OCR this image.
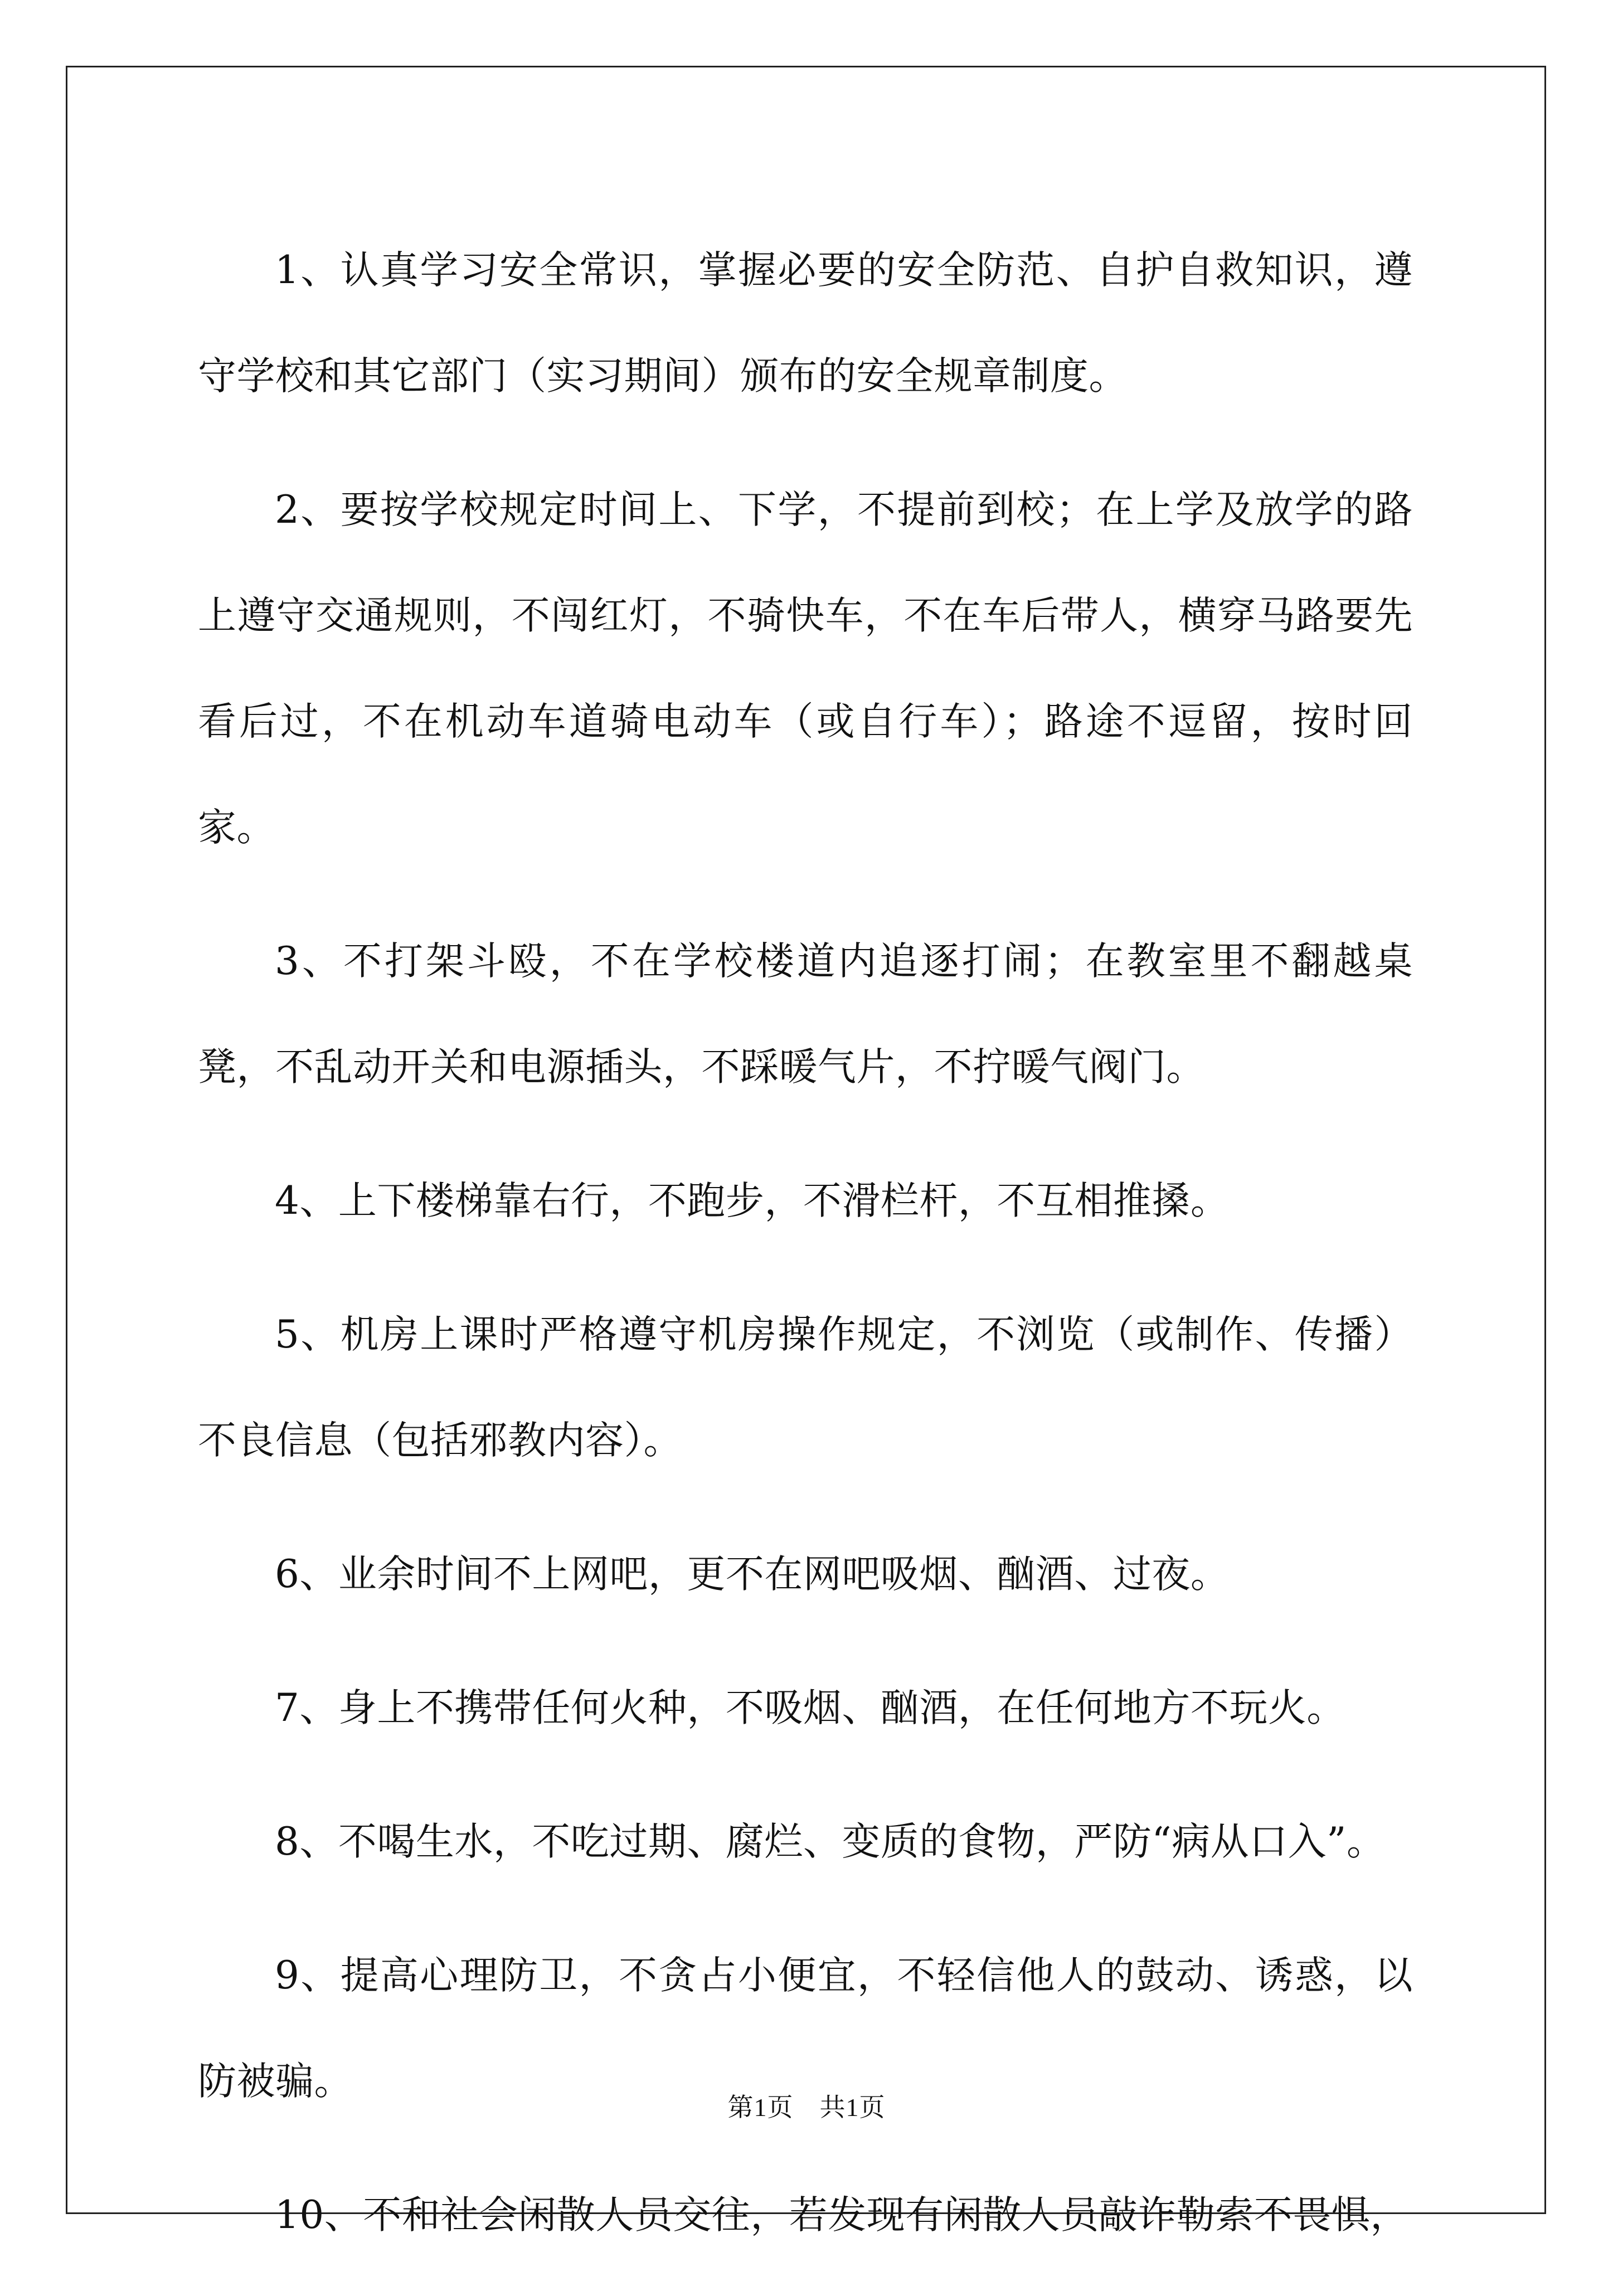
1、认真学习安全常识，掌握必要的安全防范、自护自救知识，遵守学校和其它部门（实习期间）颁布的安全规章制度。

2、要按学校规定时间上、下学，不提前到校；在上学及放学的路上遵守交通规则，不闯红灯，不骑快车，不在车后带人，横穿马路要先看后过，不在机动车道骑电动车（或自行车）；路途不逗留，按时回家。

3、不打架斗殴，不在学校楼道内追逐打闹；在教室里不翻越桌凳，不乱动开关和电源插头，不踩暖气片，不拧暖气阀门。

4、上下楼梯靠右行，不跑步，不滑栏杆，不互相推搡。

5、机房上课时严格遵守机房操作规定，不浏览（或制作、传播）不良信息（包括邪教内容）。

6、业余时间不上网吧，更不在网吧吸烟、酗酒、过夜。

7、身上不携带任何火种，不吸烟、酗酒，在任何地方不玩火。

8、不喝生水，不吃过期、腐烂、变质的食物，严防“病从口入”。

9、提高心理防卫，不贪占小便宜，不轻信他人的鼓动、诱惑，以防被骗。

10、不和社会闲散人员交往，若发现有闲散人员敲诈勒索不畏惧，

第1页　共1页
